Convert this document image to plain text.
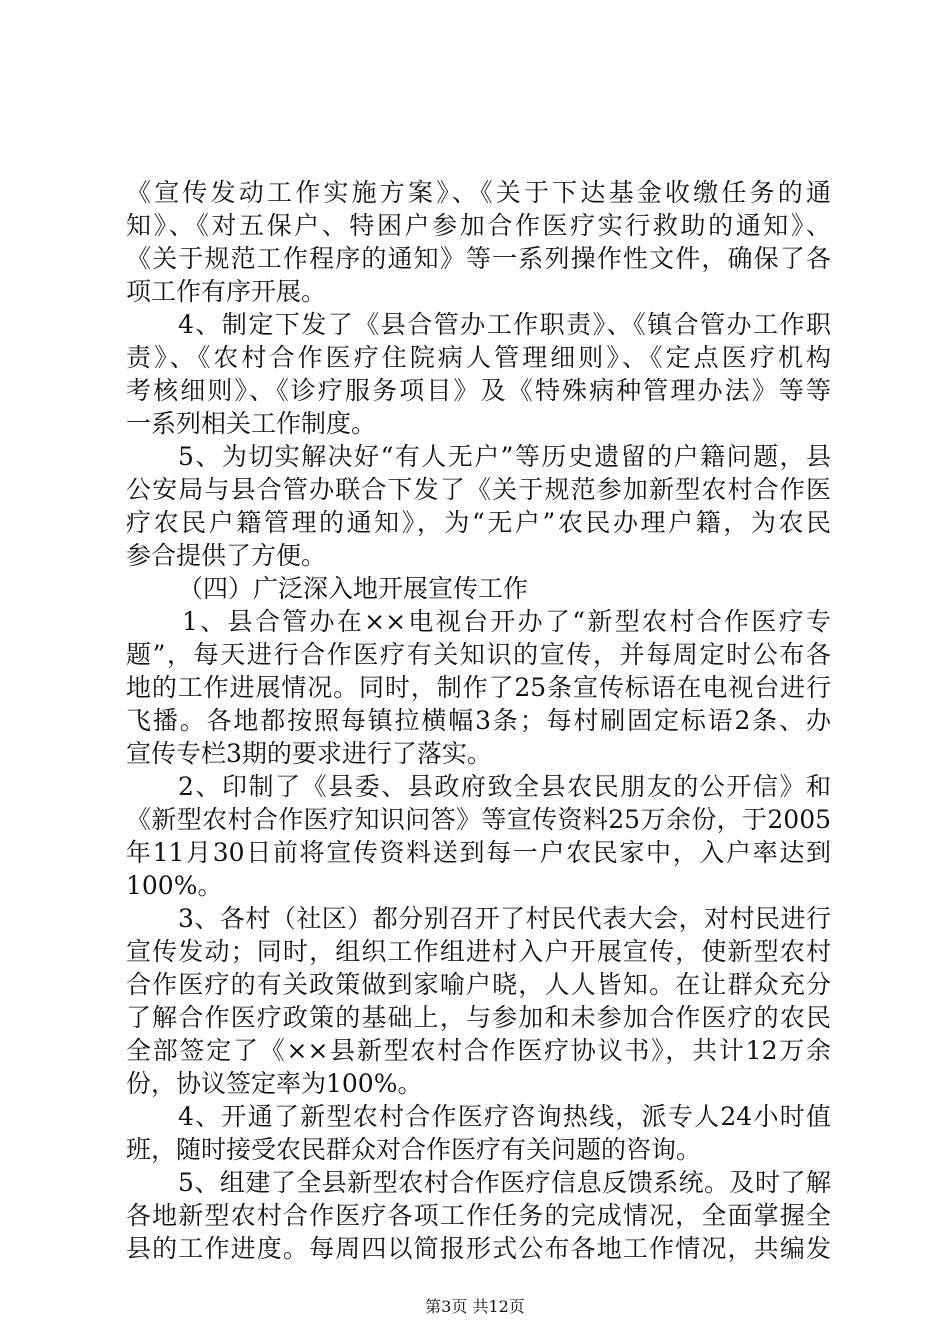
《宣传发动工作实施方案》、《关于下达基金收缴任务的通
知》、《对五保户、特困户参加合作医疗实行救助的通知》、
《关于规范工作程序的通知》等一系列操作性文件，确保了各
项工作有序开展。
4、制定下发了《县合管办工作职责》、《镇合管办工作职
责》、《农村合作医疗住院病人管理细则》、《定点医疗机构
考核细则》、《诊疗服务项目》及《特殊病种管理办法》等等
一系列相关工作制度。
5、为切实解决好“有人无户”等历史遗留的户籍问题，县
公安局与县合管办联合下发了《关于规范参加新型农村合作医
疗农民户籍管理的通知》，为“无户”农民办理户籍，为农民
参合提供了方便。
（四）广泛深入地开展宣传工作
1、县合管办在××电视台开办了“新型农村合作医疗专
题”，每天进行合作医疗有关知识的宣传，并每周定时公布各
地的工作进展情况。同时，制作了25条宣传标语在电视台进行
飞播。各地都按照每镇拉横幅3条；每村刷固定标语2条、办
宣传专栏3期的要求进行了落实。
2、印制了《县委、县政府致全县农民朋友的公开信》和
《新型农村合作医疗知识问答》等宣传资料25万余份，于2005
年11月30日前将宣传资料送到每一户农民家中，入户率达到
100%。
3、各村（社区）都分别召开了村民代表大会，对村民进行
宣传发动；同时，组织工作组进村入户开展宣传，使新型农村
合作医疗的有关政策做到家喻户晓，人人皆知。在让群众充分
了解合作医疗政策的基础上，与参加和未参加合作医疗的农民
全部签定了《××县新型农村合作医疗协议书》，共计12万余
份，协议签定率为100%。
4、开通了新型农村合作医疗咨询热线，派专人24小时值
班，随时接受农民群众对合作医疗有关问题的咨询。
5、组建了全县新型农村合作医疗信息反馈系统。及时了解
各地新型农村合作医疗各项工作任务的完成情况，全面掌握全
县的工作进度。每周四以简报形式公布各地工作情况，共编发
第3页 共12页
